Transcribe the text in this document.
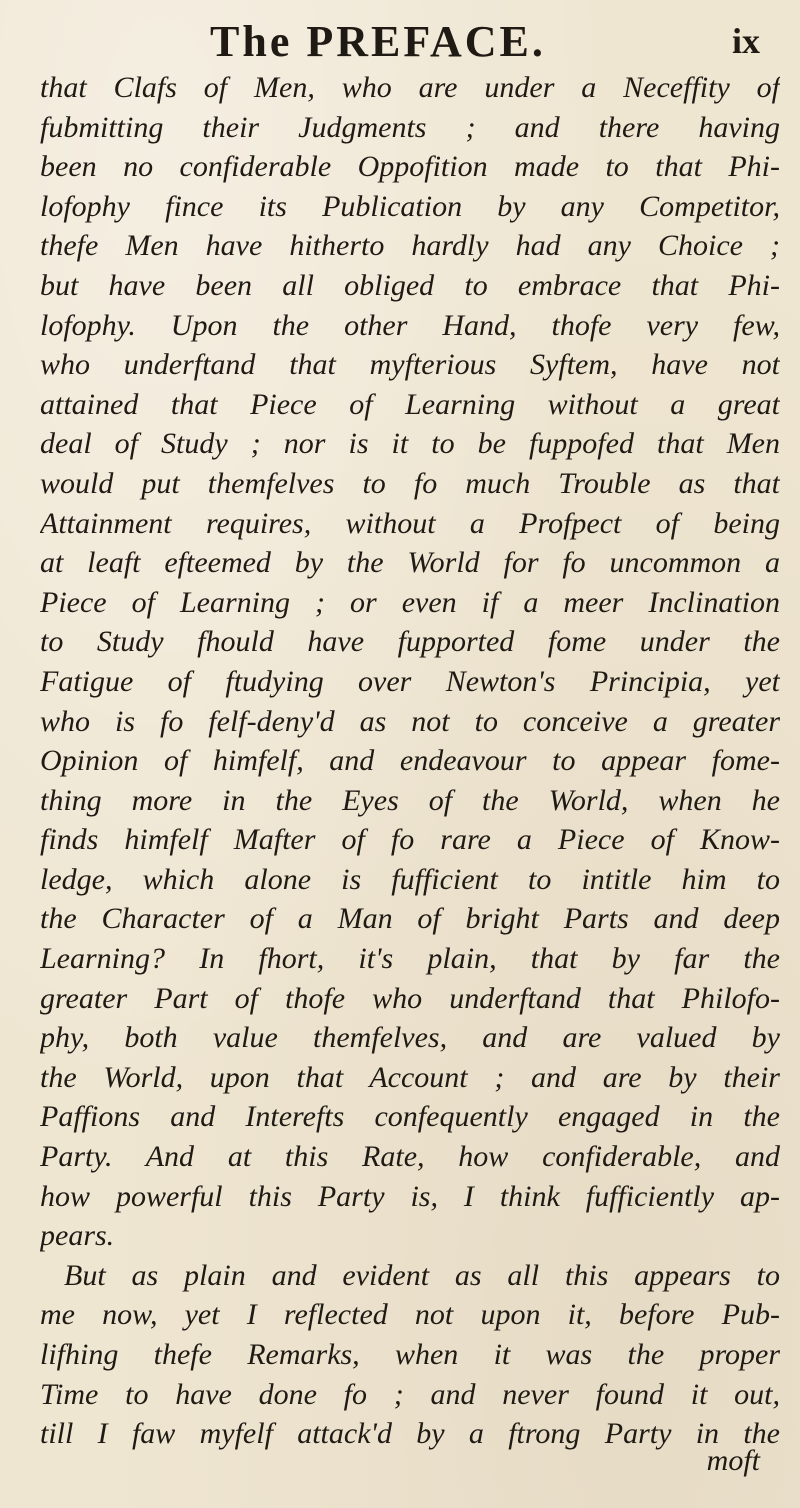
The PREFACE.	ix
that Clafs of Men, who are under a Neceffity of
fubmitting their Judgments ; and there having
been no confiderable Oppofition made to that Phi-
lofophy fince its Publication by any Competitor,
thefe Men have hitherto hardly had any Choice ;
but have been all obliged to embrace that Phi-
lofophy. Upon the other Hand, thofe very few,
who underftand that myfterious Syftem, have not
attained that Piece of Learning without a great
deal of Study ; nor is it to be fuppofed that Men
would put themfelves to fo much Trouble as that
Attainment requires, without a Profpect of being
at leaft efteemed by the World for fo uncommon a
Piece of Learning ; or even if a meer Inclination
to Study fhould have fupported fome under the
Fatigue of ftudying over Newton's Principia, yet
who is fo felf-deny'd as not to conceive a greater
Opinion of himfelf, and endeavour to appear fome-
thing more in the Eyes of the World, when he
finds himfelf Mafter of fo rare a Piece of Know-
ledge, which alone is fufficient to intitle him to
the Character of a Man of bright Parts and deep
Learning? In fhort, it's plain, that by far the
greater Part of thofe who underftand that Philofo-
phy, both value themfelves, and are valued by
the World, upon that Account ; and are by their
Paffions and Interefts confequently engaged in the
Party. And at this Rate, how confiderable, and
how powerful this Party is, I think fufficiently ap-
pears.
But as plain and evident as all this appears to
me now, yet I reflected not upon it, before Pub-
lifhing thefe Remarks, when it was the proper
Time to have done fo ; and never found it out,
till I faw myfelf attack'd by a ftrong Party in the
moft
